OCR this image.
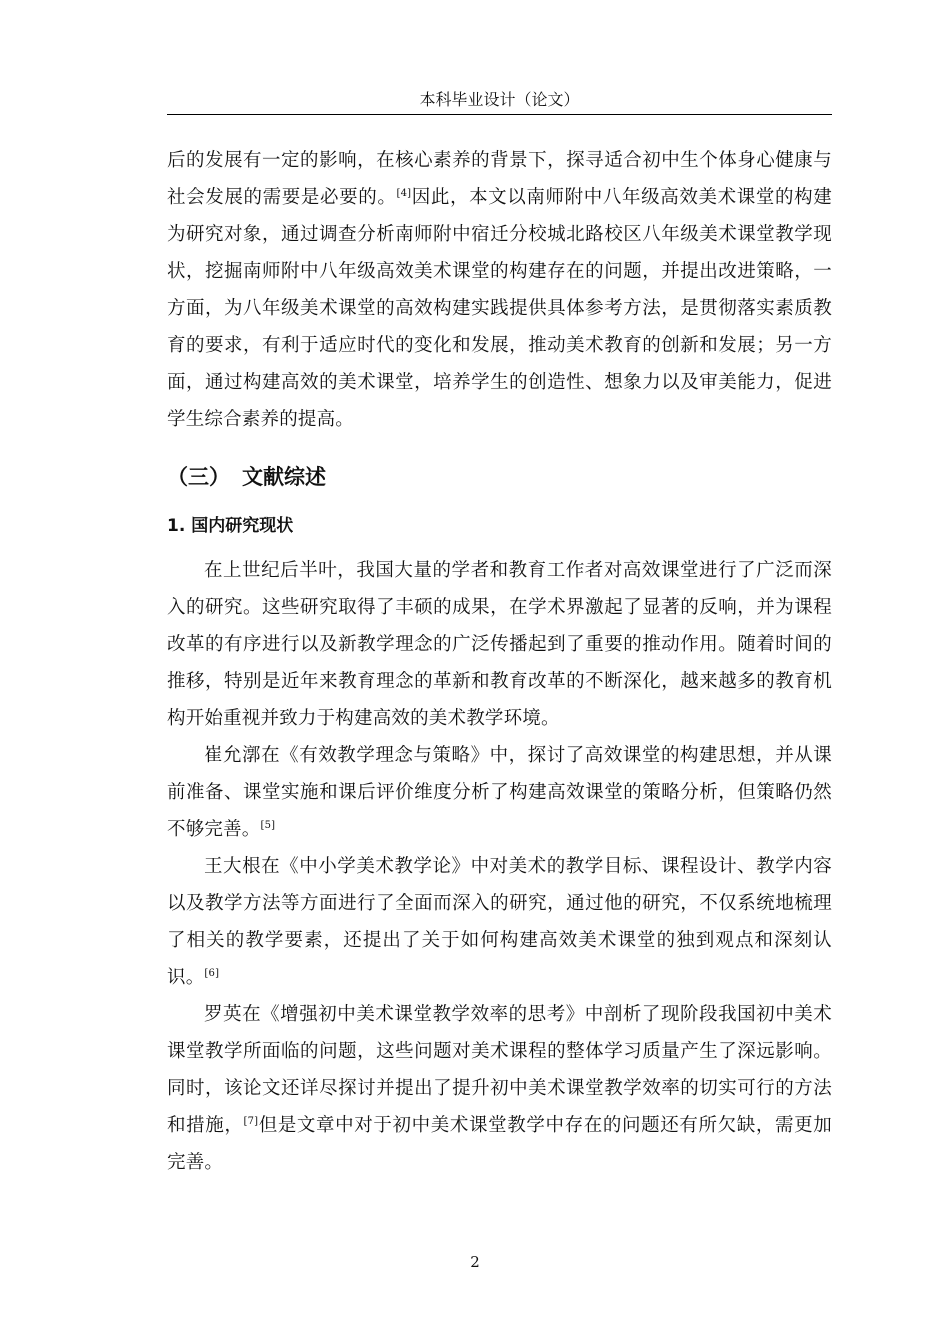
本科毕业设计（论文）

后的发展有一定的影响，在核心素养的背景下，探寻适合初中生个体身心健康与社会发展的需要是必要的。[4]因此，本文以南师附中八年级高效美术课堂的构建为研究对象，通过调查分析南师附中宿迁分校城北路校区八年级美术课堂教学现状，挖掘南师附中八年级高效美术课堂的构建存在的问题，并提出改进策略，一方面，为八年级美术课堂的高效构建实践提供具体参考方法，是贯彻落实素质教育的要求，有利于适应时代的变化和发展，推动美术教育的创新和发展；另一方面，通过构建高效的美术课堂，培养学生的创造性、想象力以及审美能力，促进学生综合素养的提高。

（三） 文献综述
1. 国内研究现状

在上世纪后半叶，我国大量的学者和教育工作者对高效课堂进行了广泛而深入的研究。这些研究取得了丰硕的成果，在学术界激起了显著的反响，并为课程改革的有序进行以及新教学理念的广泛传播起到了重要的推动作用。随着时间的推移，特别是近年来教育理念的革新和教育改革的不断深化，越来越多的教育机构开始重视并致力于构建高效的美术教学环境。

崔允漷在《有效教学理念与策略》中，探讨了高效课堂的构建思想，并从课前准备、课堂实施和课后评价维度分析了构建高效课堂的策略分析，但策略仍然不够完善。[5]

王大根在《中小学美术教学论》中对美术的教学目标、课程设计、教学内容以及教学方法等方面进行了全面而深入的研究，通过他的研究，不仅系统地梳理了相关的教学要素，还提出了关于如何构建高效美术课堂的独到观点和深刻认识。[6]

罗英在《增强初中美术课堂教学效率的思考》中剖析了现阶段我国初中美术课堂教学所面临的问题，这些问题对美术课程的整体学习质量产生了深远影响。同时，该论文还详尽探讨并提出了提升初中美术课堂教学效率的切实可行的方法和措施，[7]但是文章中对于初中美术课堂教学中存在的问题还有所欠缺，需更加完善。

2
